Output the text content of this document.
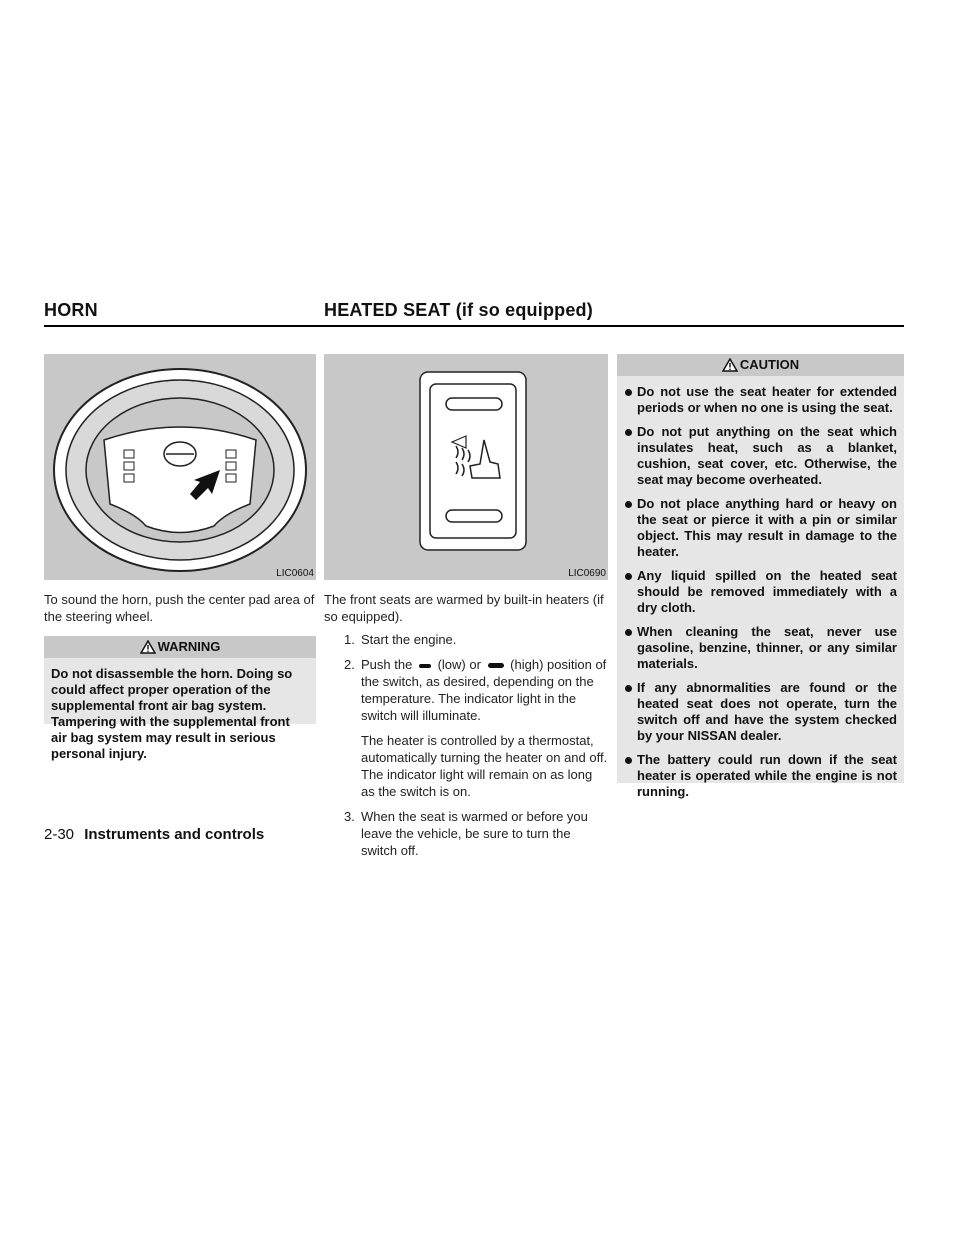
HORN	HEATED SEAT (if so equipped)
LIC0604	LIC0690
To sound the horn, push the center pad area of the steering wheel.
WARNING
Do not disassemble the horn. Doing so could affect proper operation of the supplemental front air bag system. Tampering with the supplemental front air bag system may result in serious personal injury.
The front seats are warmed by built-in heaters (if so equipped).
1. Start the engine.
2. Push the (low) or (high) position of the switch, as desired, depending on the temperature. The indicator light in the switch will illuminate.
The heater is controlled by a thermostat, automatically turning the heater on and off. The indicator light will remain on as long as the switch is on.
3. When the seat is warmed or before you leave the vehicle, be sure to turn the switch off.
CAUTION
Do not use the seat heater for extended periods or when no one is using the seat.
Do not put anything on the seat which insulates heat, such as a blanket, cushion, seat cover, etc. Otherwise, the seat may become overheated.
Do not place anything hard or heavy on the seat or pierce it with a pin or similar object. This may result in damage to the heater.
Any liquid spilled on the heated seat should be removed immediately with a dry cloth.
When cleaning the seat, never use gasoline, benzine, thinner, or any similar materials.
If any abnormalities are found or the heated seat does not operate, turn the switch off and have the system checked by your NISSAN dealer.
The battery could run down if the seat heater is operated while the engine is not running.
2-30 Instruments and controls
